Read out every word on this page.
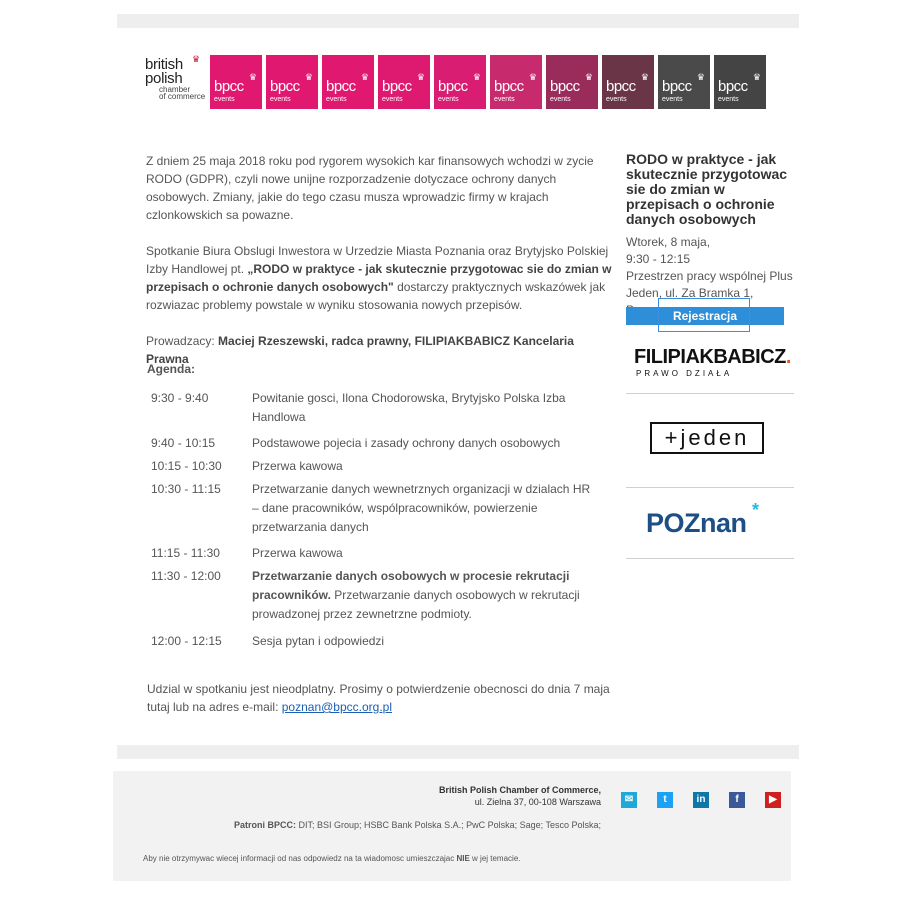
♛
british
polish
chamber
of commerce
♛
bpcc
events
♛
bpcc
events
♛
bpcc
events
♛
bpcc
events
♛
bpcc
events
♛
bpcc
events
♛
bpcc
events
♛
bpcc
events
♛
bpcc
events
♛
bpcc
events

Z dniem 25 maja 2018 roku pod rygorem wysokich kar finansowych wchodzi w zycie RODO (GDPR), czyli nowe unijne rozporzadzenie dotyczace ochrony danych osobowych. Zmiany, jakie do tego czasu musza wprowadzic firmy w krajach czlonkowskich sa powazne.

Spotkanie Biura Obslugi Inwestora w Urzedzie Miasta Poznania oraz Brytyjsko Polskiej Izby Handlowej pt. „RODO w praktyce - jak skutecznie przygotowac sie do zmian w przepisach o ochronie danych osobowych" dostarczy praktycznych wskazówek jak rozwiazac problemy powstale w wyniku stosowania nowych przepisów.

Prowadzacy: Maciej Rzeszewski, radca prawny, FILIPIAKBABICZ Kancelaria Prawna

Agenda:
9:30 - 9:40	Powitanie gosci, Ilona Chodorowska, Brytyjsko Polska Izba Handlowa
9:40 - 10:15	Podstawowe pojecia i zasady ochrony danych osobowych
10:15 - 10:30	Przerwa kawowa
10:30 - 11:15	Przetwarzanie danych wewnetrznych organizacji w dzialach HR – dane pracowników, wspólpracowników, powierzenie przetwarzania danych
11:15 - 11:30	Przerwa kawowa
11:30 - 12:00	Przetwarzanie danych osobowych w procesie rekrutacji pracowników. Przetwarzanie danych osobowych w rekrutacji prowadzonej przez zewnetrzne podmioty.
12:00 - 12:15	Sesja pytan i odpowiedzi
Udzial w spotkaniu jest nieodplatny. Prosimy o potwierdzenie obecnosci do dnia 7 maja tutaj lub na adres e-mail: poznan@bpcc.org.pl
RODO w praktyce - jak skutecznie przygotowac sie do zmian w przepisach o ochronie danych osobowych
Wtorek, 8 maja,
9:30 - 12:15
Przestrzen pracy wspólnej Plus Jeden, ul. Za Bramka 1,
Rejestracja
FILIPIAKBABICZ.
PRAWO DZIAŁA
+jeden
POZnan *
British Polish Chamber of Commerce,
ul. Zielna 37, 00-108 Warszawa	✉	t	in	f	▶
Patroni BPCC: DIT; BSI Group; HSBC Bank Polska S.A.; PwC Polska; Sage; Tesco Polska;
Aby nie otrzymywac wiecej informacji od nas odpowiedz na ta wiadomosc umieszczajac NIE w jej temacie.
